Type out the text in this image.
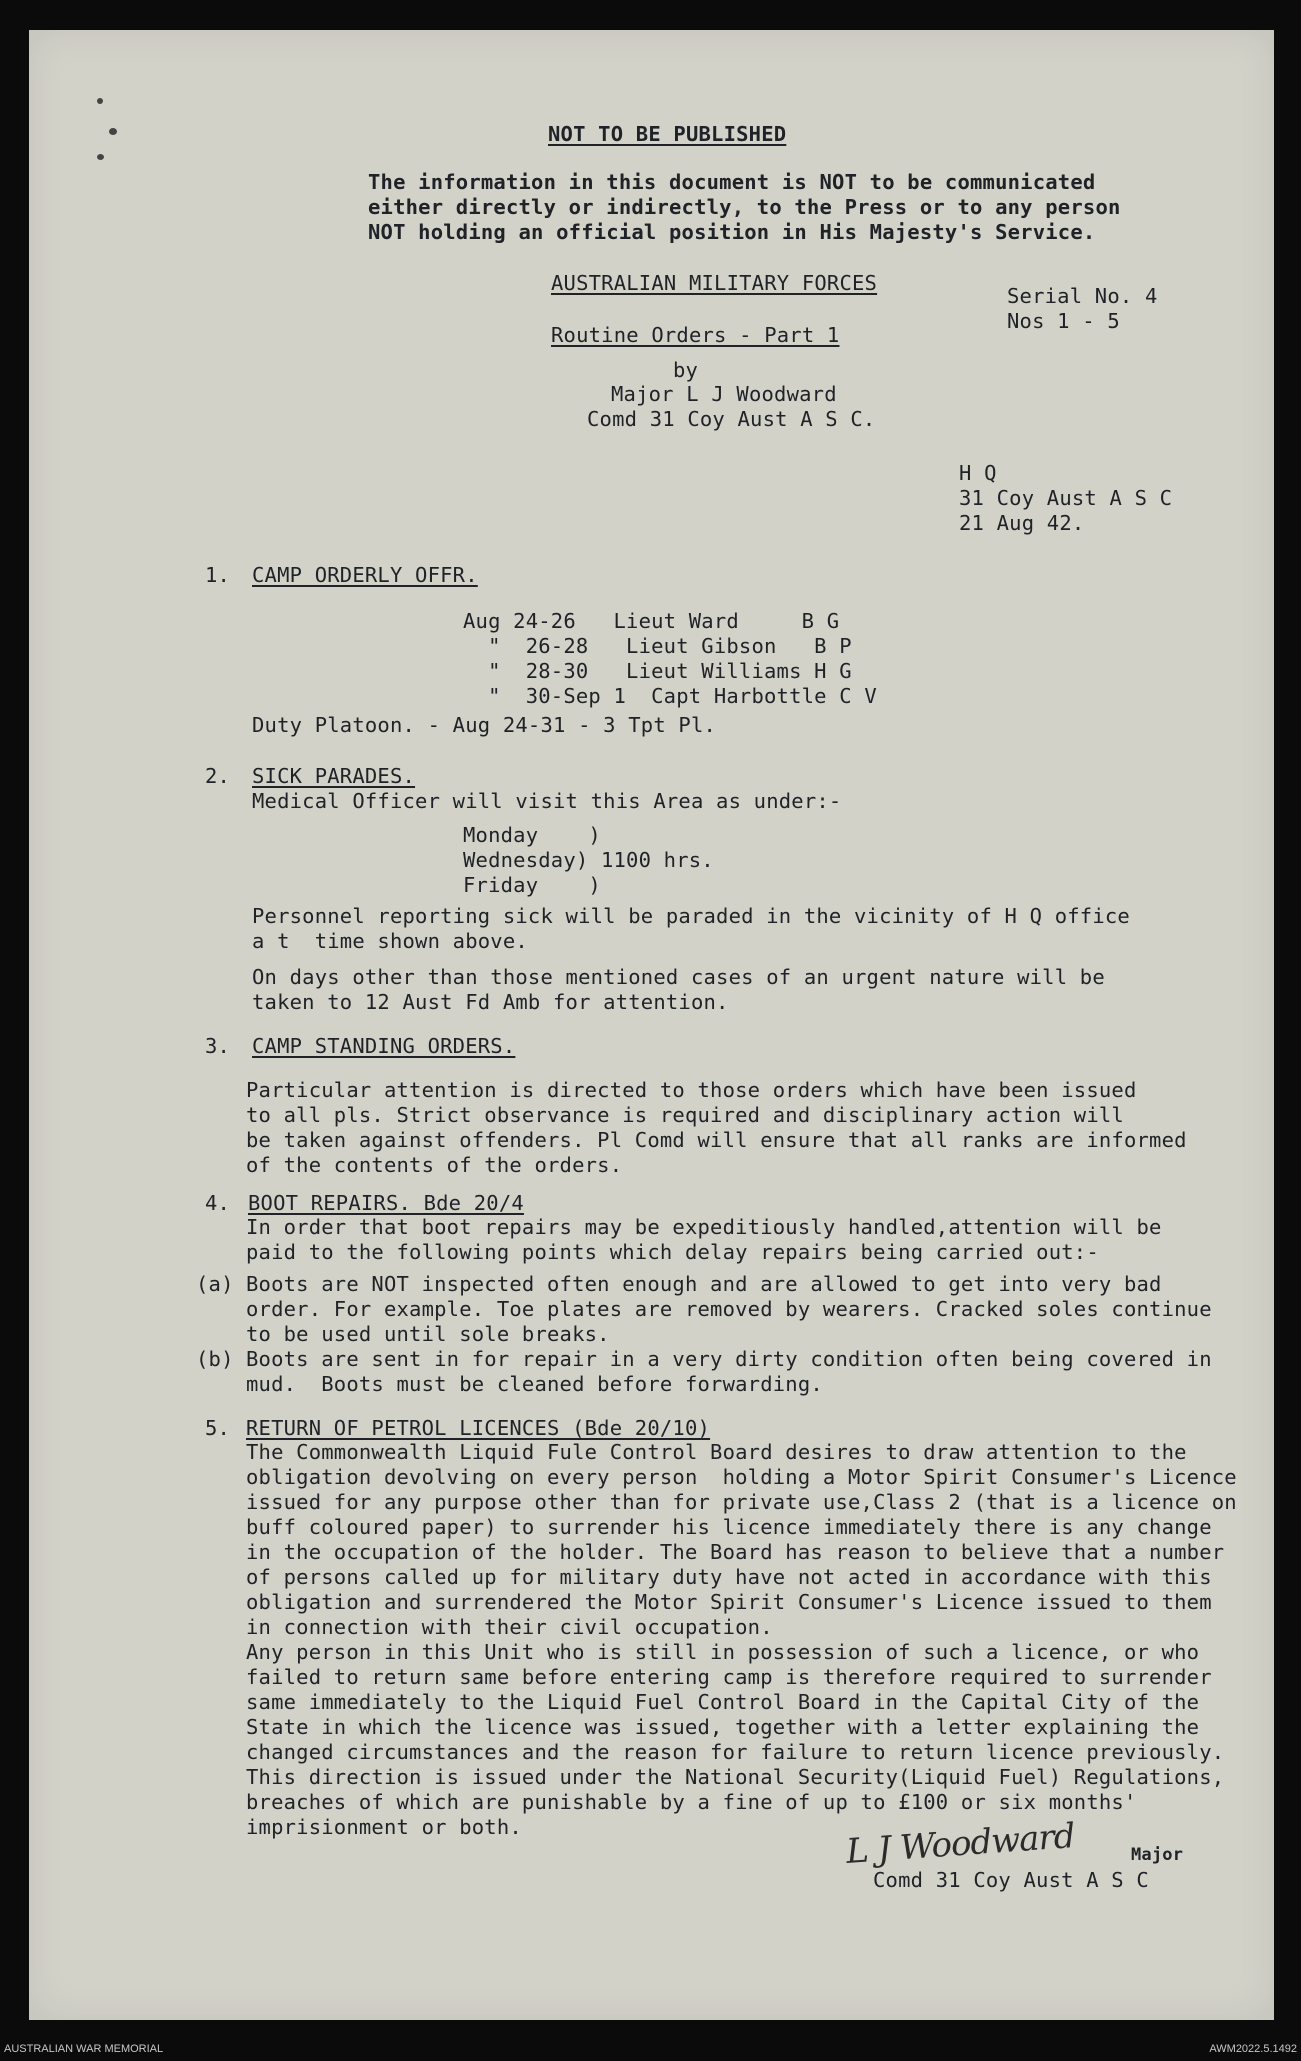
NOT TO BE PUBLISHED
The information in this document is NOT to be communicated
either directly or indirectly, to the Press or to any person
NOT holding an official position in His Majesty's Service.
AUSTRALIAN MILITARY FORCES
Routine Orders - Part 1
by
Major L J Woodward
Comd 31 Coy Aust A S C.
Serial No. 4
Nos 1 - 5
H Q
31 Coy Aust A S C
21 Aug 42.
1. CAMP ORDERLY OFFR.
Aug 24-26   Lieut Ward     B G
"  26-28   Lieut Gibson   B P
"  28-30   Lieut Williams H G
"  30-Sep 1  Capt Harbottle C V
Duty Platoon. - Aug 24-31 - 3 Tpt Pl.
2. SICK PARADES.
Medical Officer will visit this Area as under:-
Monday    )
Wednesday) 1100 hrs.
Friday    )
Personnel reporting sick will be paraded in the vicinity of H Q office
a t  time shown above.
On days other than those mentioned cases of an urgent nature will be
taken to 12 Aust Fd Amb for attention.
3. CAMP STANDING ORDERS.
Particular attention is directed to those orders which have been issued
to all pls. Strict observance is required and disciplinary action will
be taken against offenders. Pl Comd will ensure that all ranks are informed
of the contents of the orders.
4. BOOT REPAIRS. Bde 20/4
In order that boot repairs may be expeditiously handled,attention will be
paid to the following points which delay repairs being carried out:-
(a) Boots are NOT inspected often enough and are allowed to get into very bad
order. For example. Toe plates are removed by wearers. Cracked soles continue
to be used until sole breaks.
(b) Boots are sent in for repair in a very dirty condition often being covered in
mud.  Boots must be cleaned before forwarding.
5. RETURN OF PETROL LICENCES (Bde 20/10)
The Commonwealth Liquid Fule Control Board desires to draw attention to the
obligation devolving on every person  holding a Motor Spirit Consumer's Licence
issued for any purpose other than for private use,Class 2 (that is a licence on
buff coloured paper) to surrender his licence immediately there is any change
in the occupation of the holder. The Board has reason to believe that a number
of persons called up for military duty have not acted in accordance with this
obligation and surrendered the Motor Spirit Consumer's Licence issued to them
in connection with their civil occupation.
Any person in this Unit who is still in possession of such a licence, or who
failed to return same before entering camp is therefore required to surrender
same immediately to the Liquid Fuel Control Board in the Capital City of the
State in which the licence was issued, together with a letter explaining the
changed circumstances and the reason for failure to return licence previously.
This direction is issued under the National Security(Liquid Fuel) Regulations,
breaches of which are punishable by a fine of up to £100 or six months'
imprisionment or both.	L J Woodward	Major
Comd 31 Coy Aust A S C
AUSTRALIAN WAR MEMORIAL	AWM2022.5.1492
